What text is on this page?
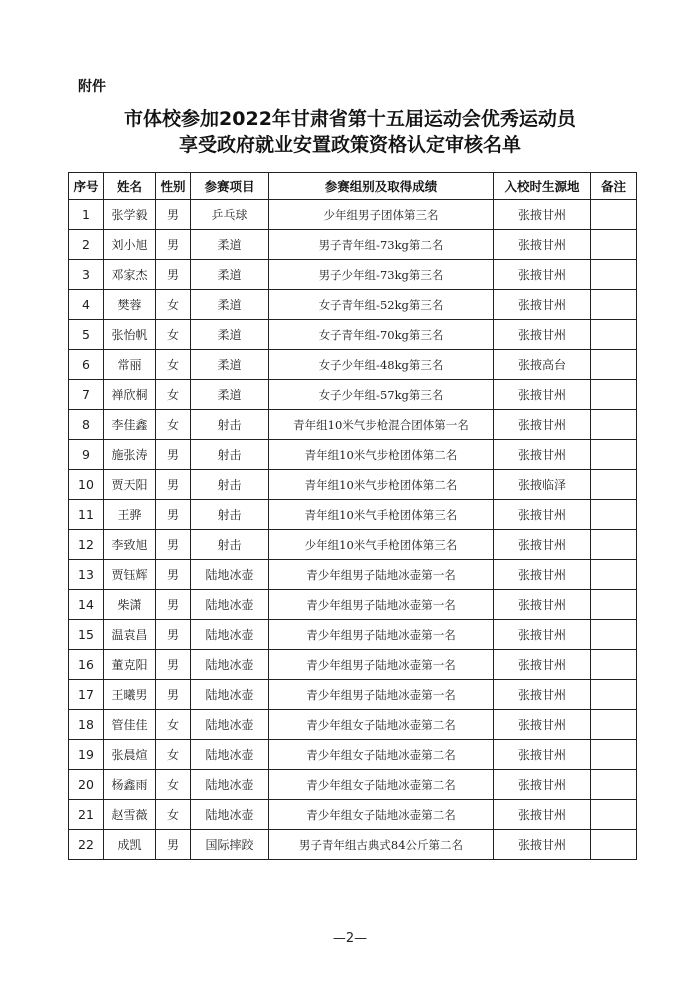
附件
市体校参加2022年甘肃省第十五届运动会优秀运动员
享受政府就业安置政策资格认定审核名单
序号	姓名	性别	参赛项目	参赛组别及取得成绩	入校时生源地	备注
1	张学毅	男	乒乓球	少年组男子团体第三名	张掖甘州	
2	刘小旭	男	柔道	男子青年组-73kg第二名	张掖甘州	
3	邓家杰	男	柔道	男子少年组-73kg第三名	张掖甘州	
4	樊蓉	女	柔道	女子青年组-52kg第三名	张掖甘州	
5	张怡帆	女	柔道	女子青年组-70kg第三名	张掖甘州	
6	常丽	女	柔道	女子少年组-48kg第三名	张掖高台	
7	禅欣桐	女	柔道	女子少年组-57kg第三名	张掖甘州	
8	李佳鑫	女	射击	青年组10米气步枪混合团体第一名	张掖甘州	
9	施张涛	男	射击	青年组10米气步枪团体第二名	张掖甘州	
10	贾天阳	男	射击	青年组10米气步枪团体第二名	张掖临泽	
11	王骅	男	射击	青年组10米气手枪团体第三名	张掖甘州	
12	李致旭	男	射击	少年组10米气手枪团体第三名	张掖甘州	
13	贾钰辉	男	陆地冰壶	青少年组男子陆地冰壶第一名	张掖甘州	
14	柴潇	男	陆地冰壶	青少年组男子陆地冰壶第一名	张掖甘州	
15	温袁昌	男	陆地冰壶	青少年组男子陆地冰壶第一名	张掖甘州	
16	董克阳	男	陆地冰壶	青少年组男子陆地冰壶第一名	张掖甘州	
17	王曦男	男	陆地冰壶	青少年组男子陆地冰壶第一名	张掖甘州	
18	管佳佳	女	陆地冰壶	青少年组女子陆地冰壶第二名	张掖甘州	
19	张晨煊	女	陆地冰壶	青少年组女子陆地冰壶第二名	张掖甘州	
20	杨鑫雨	女	陆地冰壶	青少年组女子陆地冰壶第二名	张掖甘州	
21	赵雪薇	女	陆地冰壶	青少年组女子陆地冰壶第二名	张掖甘州	
22	成凯	男	国际摔跤	男子青年组古典式84公斤第二名	张掖甘州	
—2—
